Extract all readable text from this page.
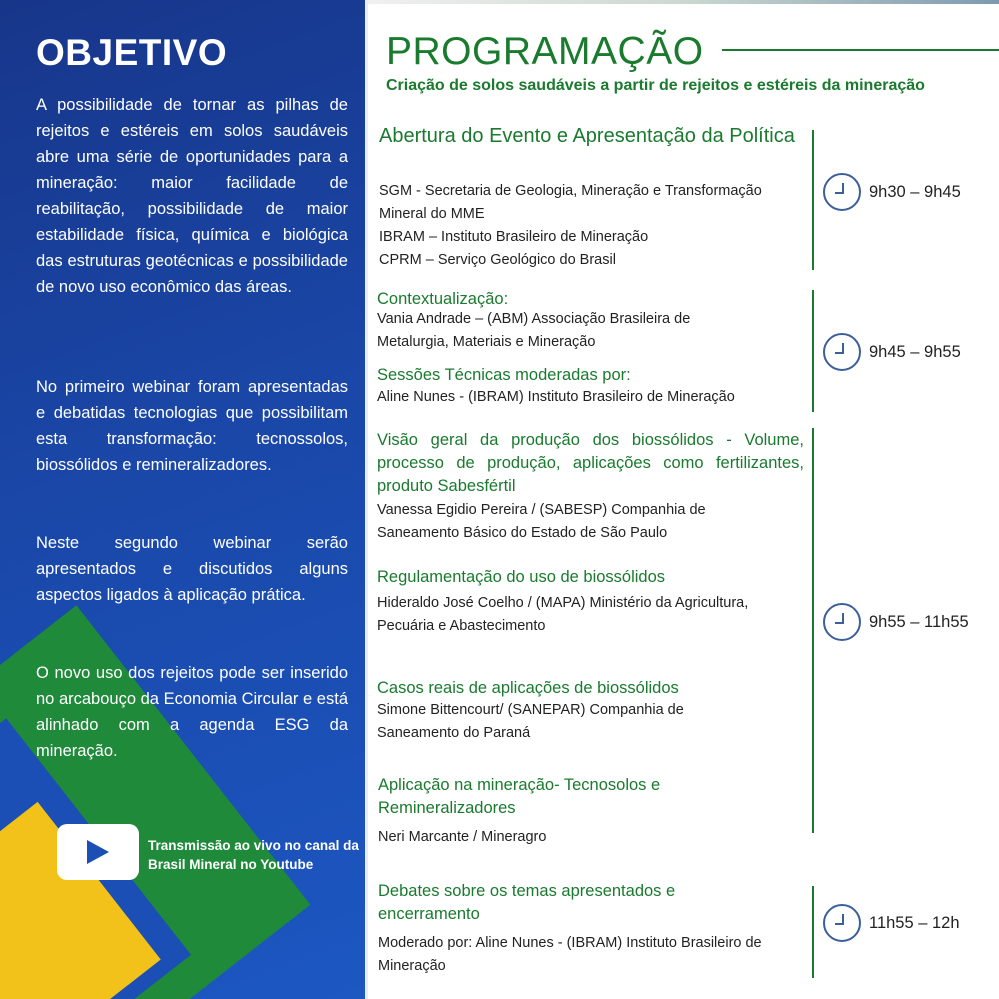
OBJETIVO

A possibilidade de tornar as pilhas de rejeitos e estéreis em solos saudáveis abre uma série de oportunidades para a mineração: maior facilidade de reabilitação, possibilidade de maior estabilidade física, química e biológica das estruturas geotécnicas e possibilidade de novo uso econômico das áreas.

No primeiro webinar foram apresentadas e debatidas tecnologias que possibilitam esta transformação: tecnossolos, biossólidos e remineralizadores.

Neste segundo webinar serão apresentados e discutidos alguns aspectos ligados à aplicação prática.

O novo uso dos rejeitos pode ser inserido no arcabouço da Economia Circular e está alinhado com a agenda ESG da mineração.

Transmissão ao vivo no canal da Brasil Mineral no Youtube
PROGRAMAÇÃO

Criação de solos saudáveis a partir de rejeitos e estéreis da mineração

Abertura do Evento e Apresentação da Política

SGM - Secretaria de Geologia, Mineração e Transformação Mineral do MME

IBRAM – Instituto Brasileiro de Mineração

CPRM – Serviço Geológico do Brasil

Contextualização:

Vania Andrade – (ABM) Associação Brasileira de Metalurgia, Materiais e Mineração

Sessões Técnicas moderadas por:

Aline Nunes - (IBRAM) Instituto Brasileiro de Mineração

Visão geral da produção dos biossólidos - Volume, processo de produção, aplicações como fertilizantes, produto Sabesfértil

Vanessa Egidio Pereira / (SABESP) Companhia de Saneamento Básico do Estado de São Paulo

Regulamentação do uso de biossólidos

Hideraldo José Coelho / (MAPA) Ministério da Agricultura, Pecuária e Abastecimento

Casos reais de aplicações de biossólidos

Simone Bittencourt/ (SANEPAR) Companhia de Saneamento do Paraná

Aplicação na mineração- Tecnosolos e Remineralizadores

Neri Marcante / Mineragro

Debates sobre os temas apresentados e encerramento

Moderado por: Aline Nunes - (IBRAM) Instituto Brasileiro de Mineração

9h30 – 9h45
9h45 – 9h55
9h55 – 11h55
11h55 – 12h
